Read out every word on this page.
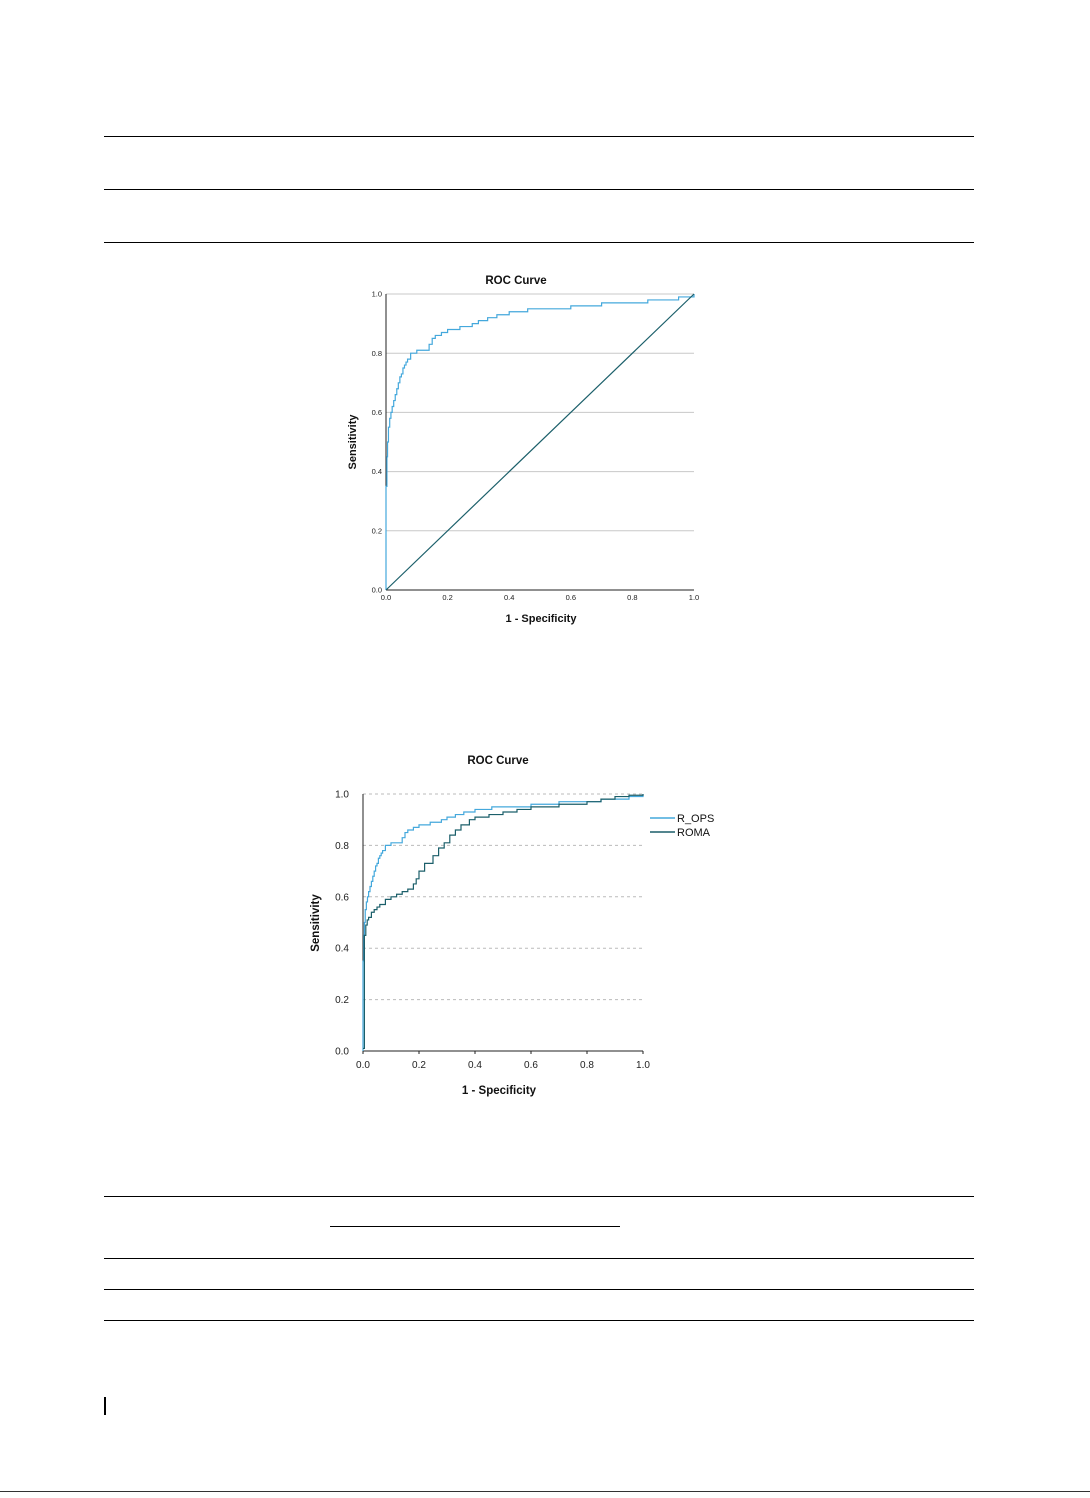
ROC Curve
0.0
0.2
0.4
0.6
0.8
1.0
0.0	0.2	0.4	0.6	0.8	1.0
1 - Specificity
Sensitivity
ROC Curve
0.0
0.2
0.4
0.6
0.8
1.0
0.0	0.2	0.4	0.6	0.8	1.0
R_OPS
ROMA
1 - Specificity
Sensitivity
